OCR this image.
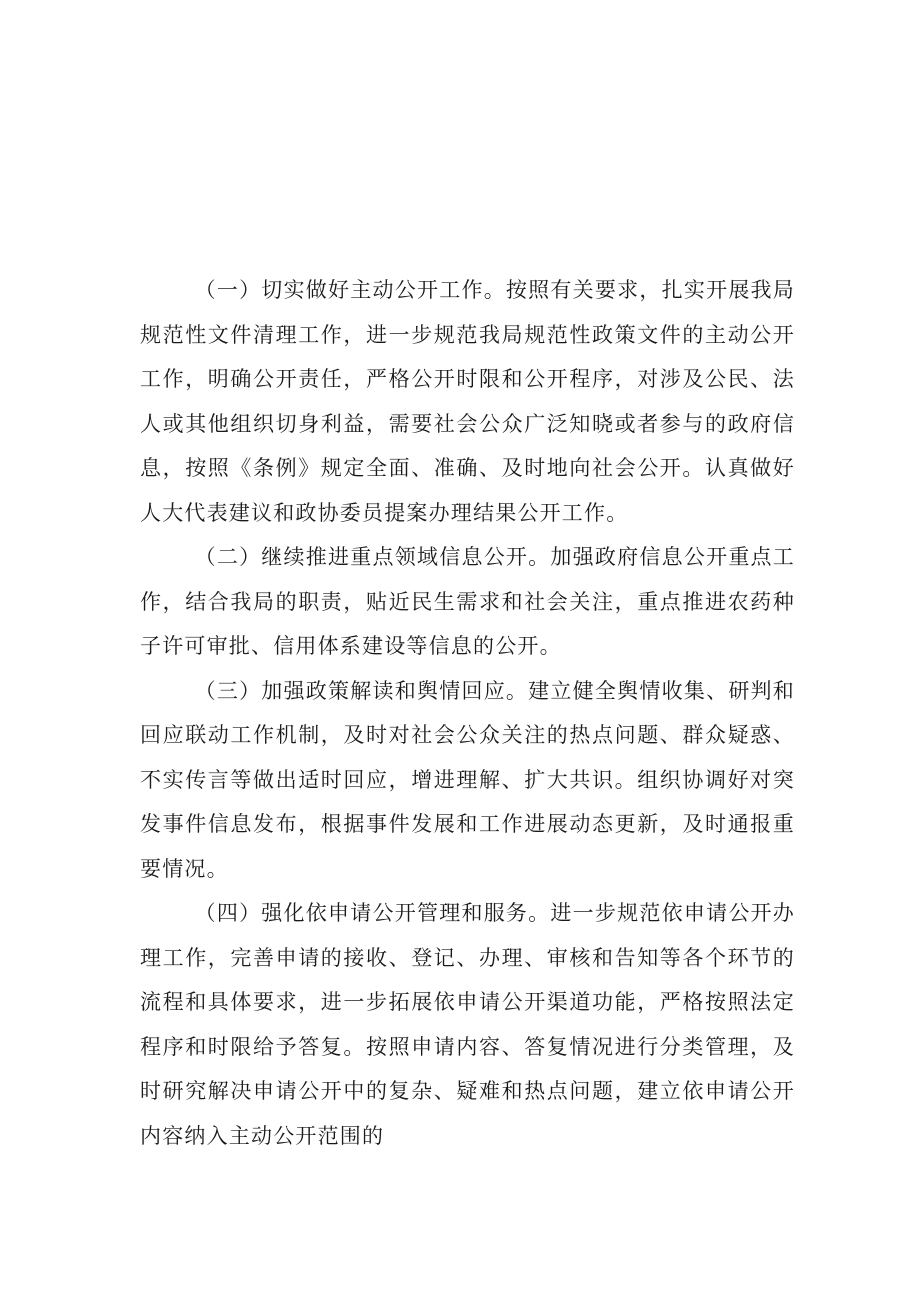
（一）切实做好主动公开工作。按照有关要求，扎实开展我局规范性文件清理工作，进一步规范我局规范性政策文件的主动公开工作，明确公开责任，严格公开时限和公开程序，对涉及公民、法人或其他组织切身利益，需要社会公众广泛知晓或者参与的政府信息，按照《条例》规定全面、准确、及时地向社会公开。认真做好人大代表建议和政协委员提案办理结果公开工作。

（二）继续推进重点领域信息公开。加强政府信息公开重点工作，结合我局的职责，贴近民生需求和社会关注，重点推进农药种子许可审批、信用体系建设等信息的公开。

（三）加强政策解读和舆情回应。建立健全舆情收集、研判和回应联动工作机制，及时对社会公众关注的热点问题、群众疑惑、不实传言等做出适时回应，增进理解、扩大共识。组织协调好对突发事件信息发布，根据事件发展和工作进展动态更新，及时通报重要情况。

（四）强化依申请公开管理和服务。进一步规范依申请公开办理工作，完善申请的接收、登记、办理、审核和告知等各个环节的流程和具体要求，进一步拓展依申请公开渠道功能，严格按照法定程序和时限给予答复。按照申请内容、答复情况进行分类管理，及时研究解决申请公开中的复杂、疑难和热点问题，建立依申请公开内容纳入主动公开范围的
